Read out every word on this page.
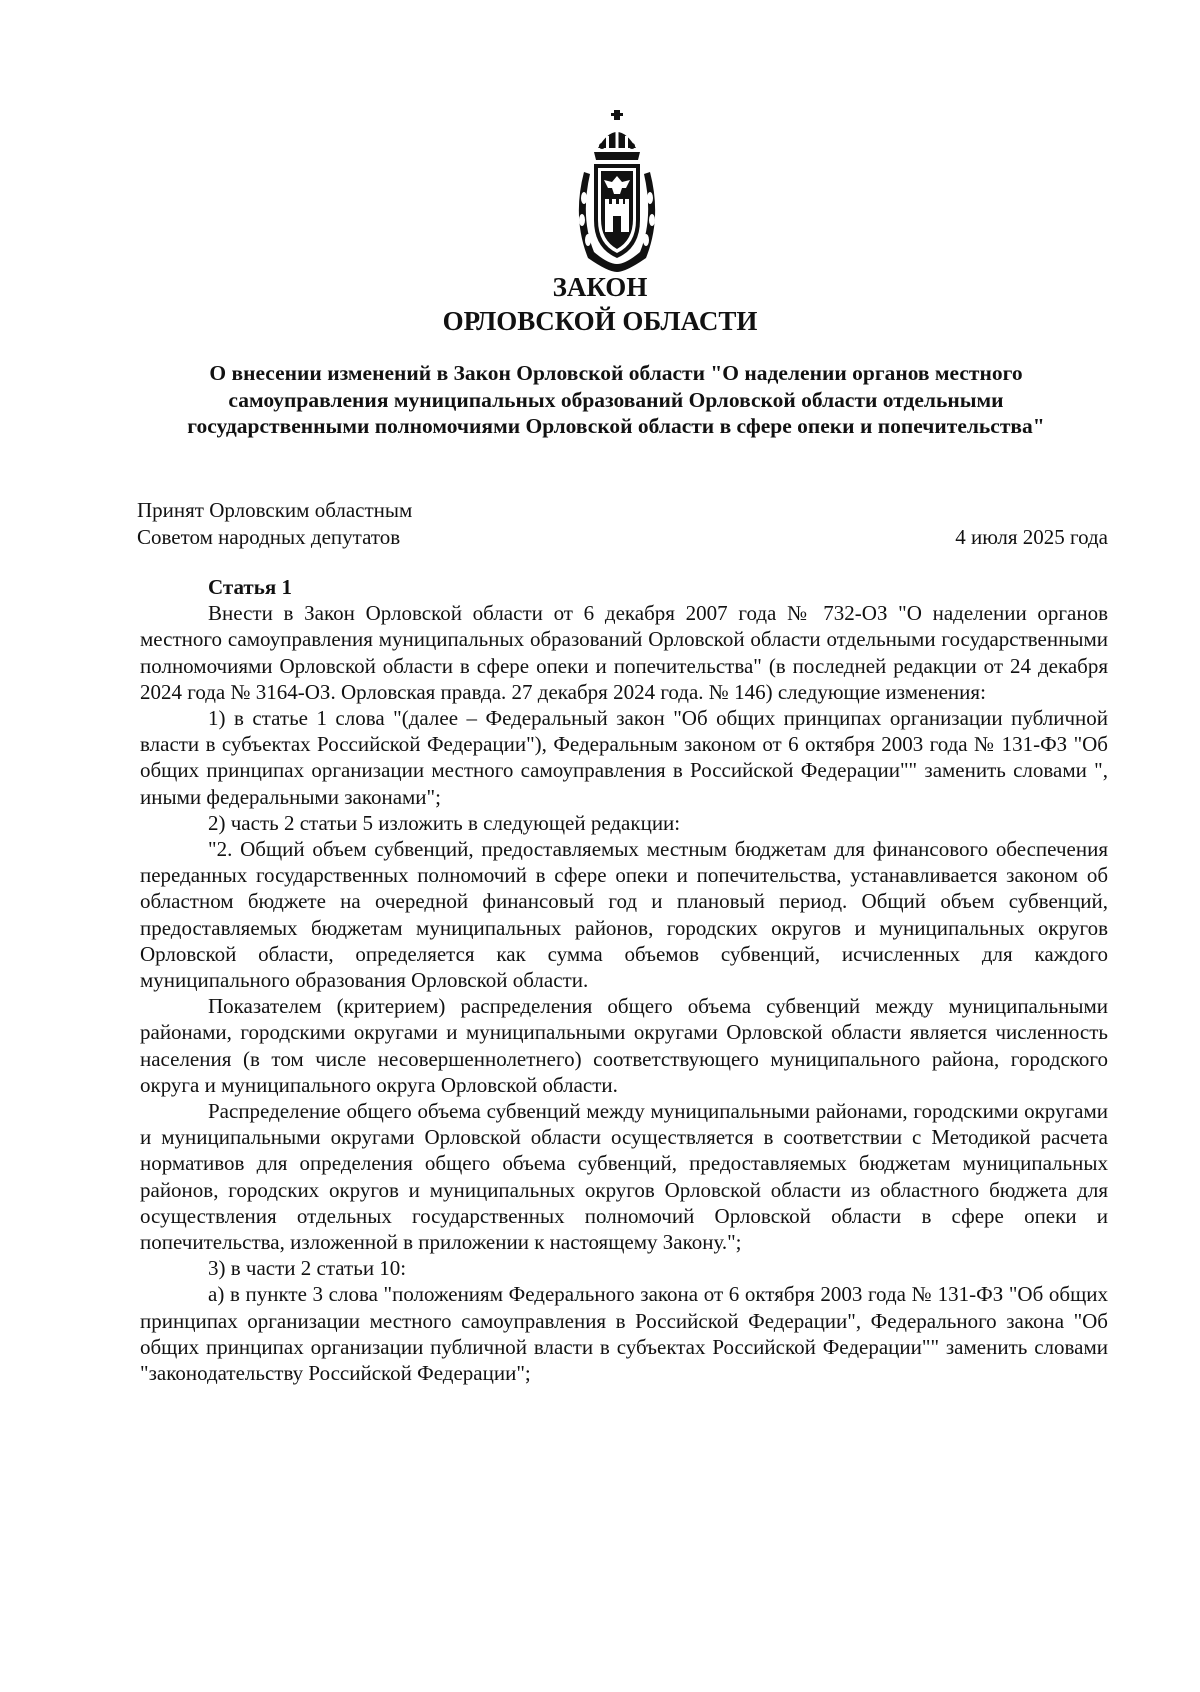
ЗАКОН
ОРЛОВСКОЙ ОБЛАСТИ
О внесении изменений в Закон Орловской области "О наделении органов местного самоуправления муниципальных образований Орловской области отдельными государственными полномочиями Орловской области в сфере опеки и попечительства"
Принят Орловским областным
Советом народных депутатов	4 июля 2025 года

Статья 1

Внести в Закон Орловской области от 6 декабря 2007 года № 732-ОЗ "О наделении органов местного самоуправления муниципальных образований Орловской области отдельными государственными полномочиями Орловской области в сфере опеки и попечительства" (в последней редакции от 24 декабря 2024 года № 3164-ОЗ. Орловская правда. 27 декабря 2024 года. № 146) следующие изменения:

1) в статье 1 слова "(далее – Федеральный закон "Об общих принципах организации публичной власти в субъектах Российской Федерации"), Федеральным законом от 6 октября 2003 года № 131-ФЗ "Об общих принципах организации местного самоуправления в Российской Федерации"" заменить словами ", иными федеральными законами";

2) часть 2 статьи 5 изложить в следующей редакции:

"2. Общий объем субвенций, предоставляемых местным бюджетам для финансового обеспечения переданных государственных полномочий в сфере опеки и попечительства, устанавливается законом об областном бюджете на очередной финансовый год и плановый период. Общий объем субвенций, предоставляемых бюджетам муниципальных районов, городских округов и муниципальных округов Орловской области, определяется как сумма объемов субвенций, исчисленных для каждого муниципального образования Орловской области.

Показателем (критерием) распределения общего объема субвенций между муниципальными районами, городскими округами и муниципальными округами Орловской области является численность населения (в том числе несовершеннолетнего) соответствующего муниципального района, городского округа и муниципального округа Орловской области.

Распределение общего объема субвенций между муниципальными районами, городскими округами и муниципальными округами Орловской области осуществляется в соответствии с Методикой расчета нормативов для определения общего объема субвенций, предоставляемых бюджетам муниципальных районов, городских округов и муниципальных округов Орловской области из областного бюджета для осуществления отдельных государственных полномочий Орловской области в сфере опеки и попечительства, изложенной в приложении к настоящему Закону.";

3) в части 2 статьи 10:

а) в пункте 3 слова "положениям Федерального закона от 6 октября 2003 года № 131-ФЗ "Об общих принципах организации местного самоуправления в Российской Федерации", Федерального закона "Об общих принципах организации публичной власти в субъектах Российской Федерации"" заменить словами "законодательству Российской Федерации";
